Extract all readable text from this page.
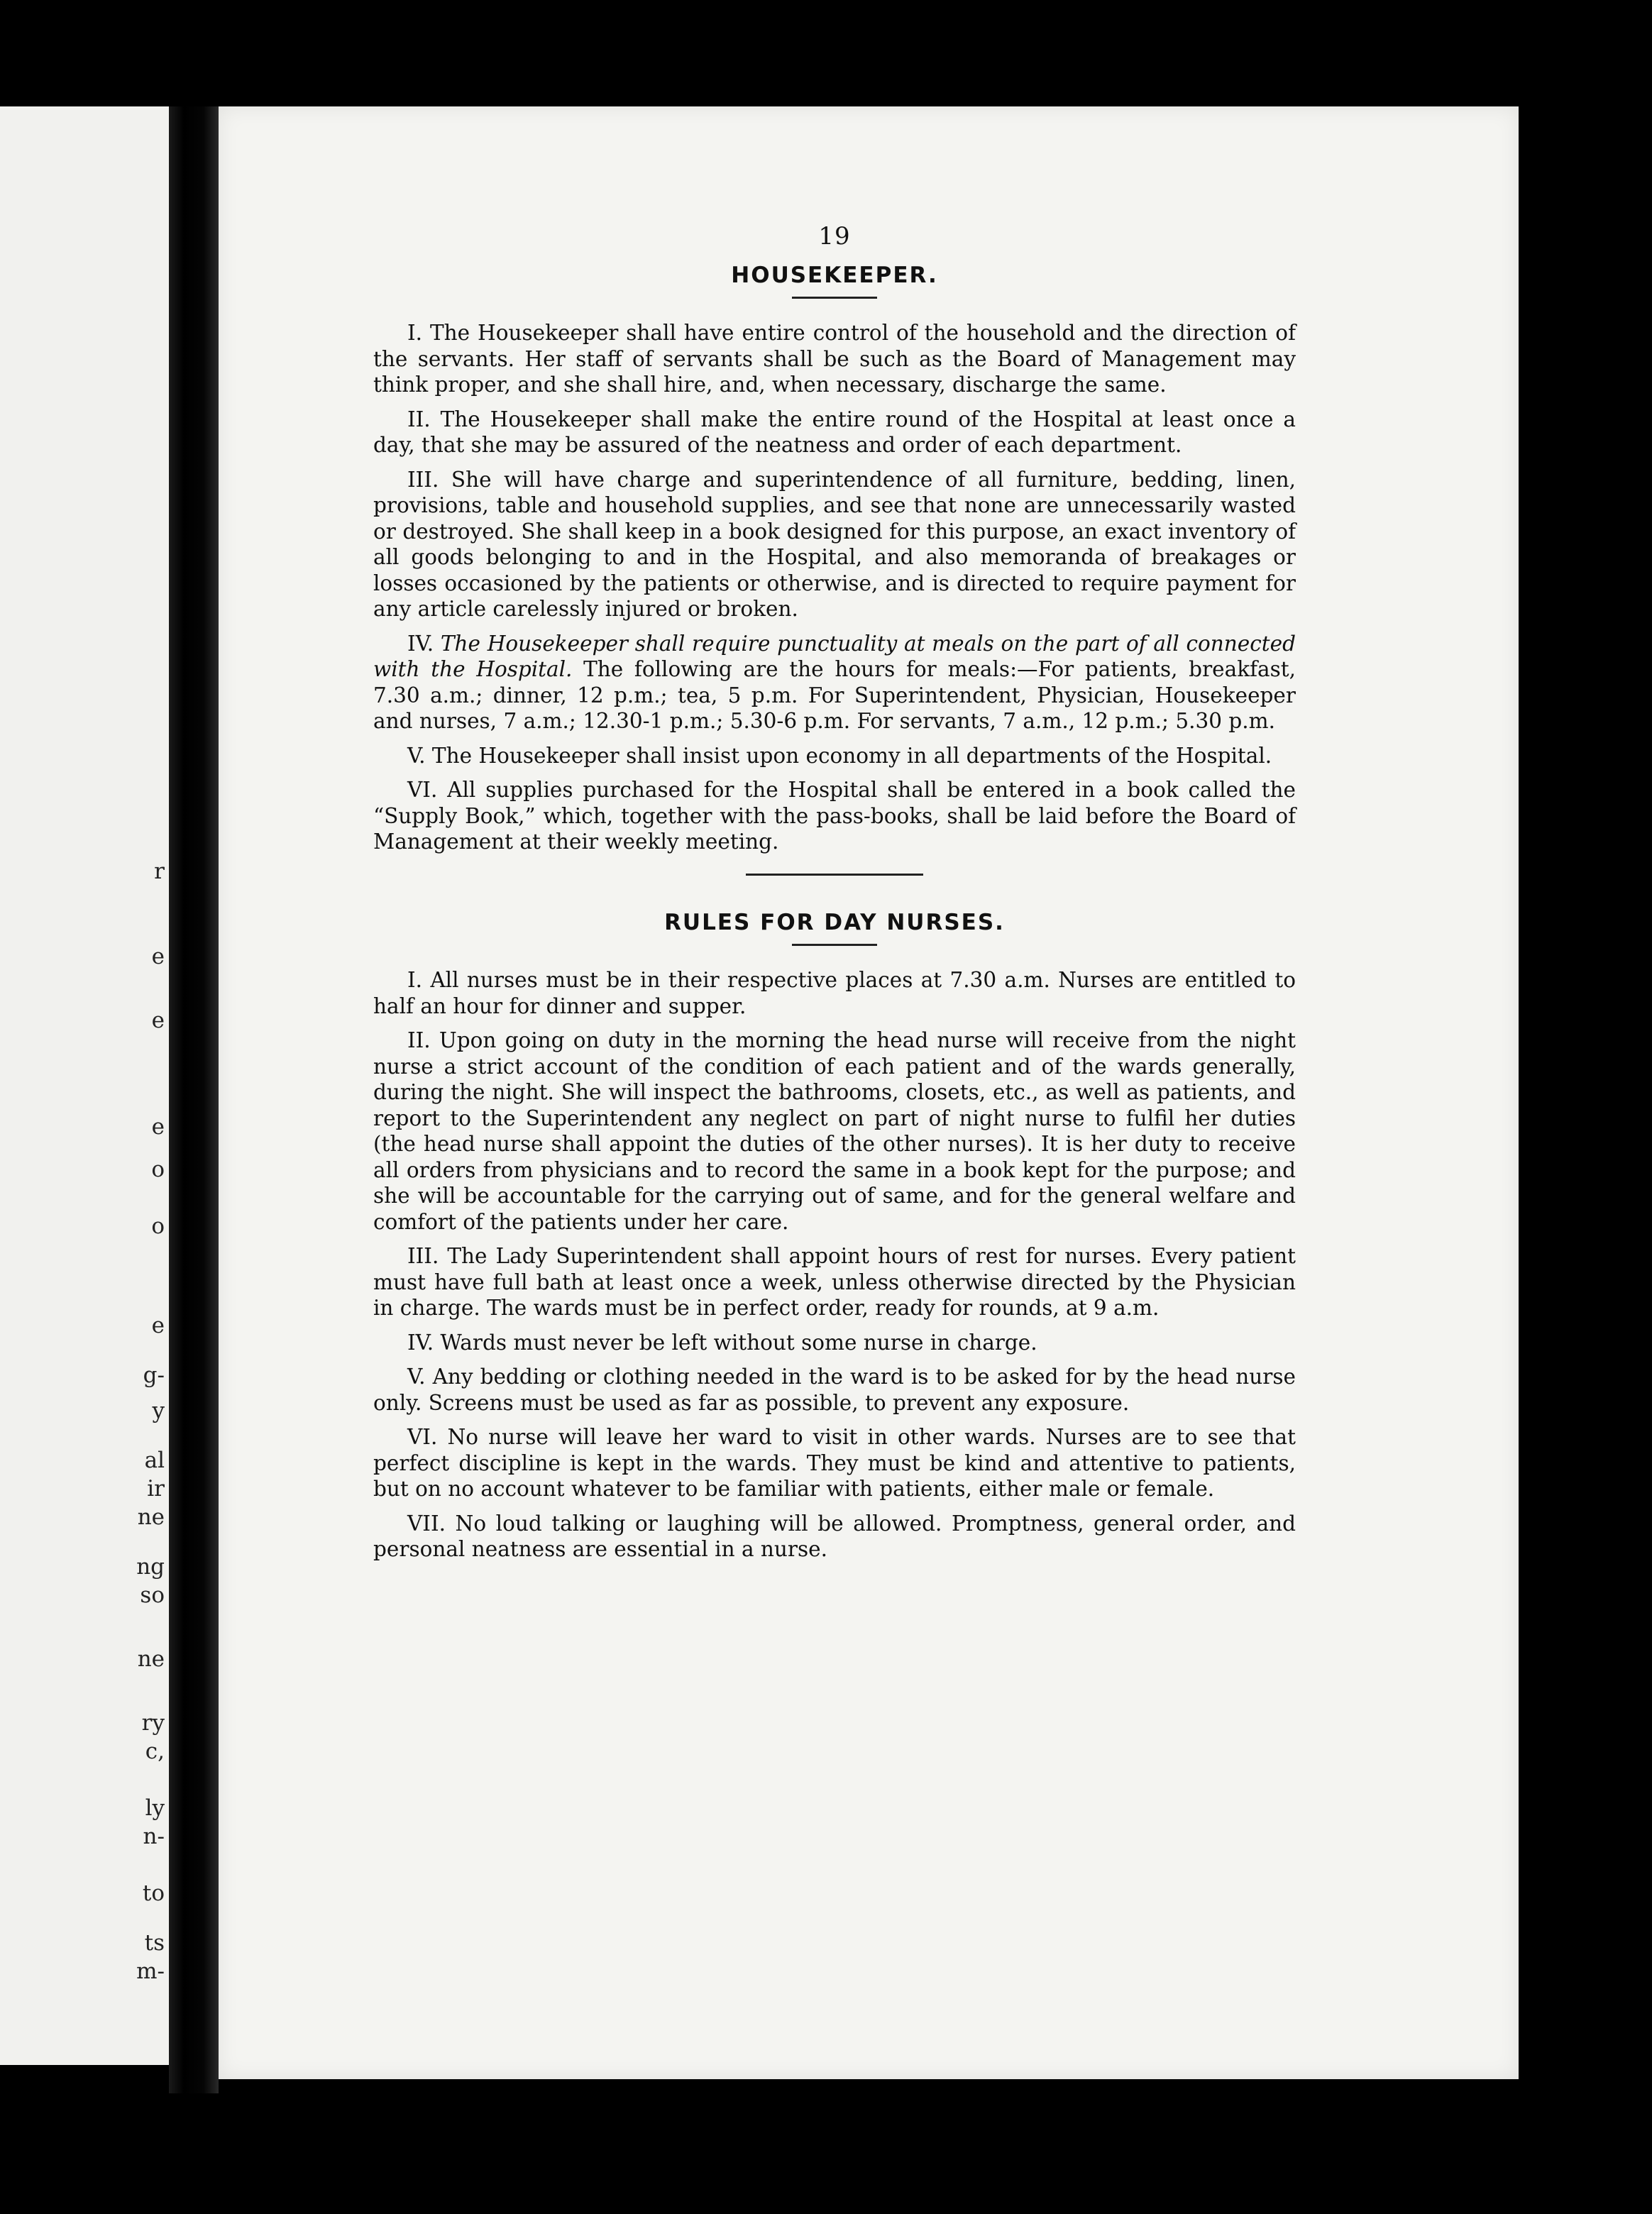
r
e
e
e
o
o
e
g-
y
al
ir
ne
ng
so
ne
ry
c,
ly
n-
to
ts
m-
19
HOUSEKEEPER.

I. The Housekeeper shall have entire control of the household and the direction of the servants. Her staff of servants shall be such as the Board of Management may think proper, and she shall hire, and, when necessary, discharge the same.

II. The Housekeeper shall make the entire round of the Hospital at least once a day, that she may be assured of the neatness and order of each department.

III. She will have charge and superintendence of all furniture, bedding, linen, provisions, table and household supplies, and see that none are unnecessarily wasted or destroyed. She shall keep in a book designed for this purpose, an exact inventory of all goods belonging to and in the Hospital, and also memoranda of breakages or losses occasioned by the patients or otherwise, and is directed to require payment for any article carelessly injured or broken.

IV. The Housekeeper shall require punctuality at meals on the part of all connected with the Hospital. The following are the hours for meals:—For patients, breakfast, 7.30 a.m.; dinner, 12 p.m.; tea, 5 p.m. For Superintendent, Physician, Housekeeper and nurses, 7 a.m.; 12.30-1 p.m.; 5.30-6 p.m. For servants, 7 a.m., 12 p.m.; 5.30 p.m.

V. The Housekeeper shall insist upon economy in all departments of the Hospital.

VI. All supplies purchased for the Hospital shall be entered in a book called the “Supply Book,” which, together with the pass-books, shall be laid before the Board of Management at their weekly meeting.

RULES FOR DAY NURSES.

I. All nurses must be in their respective places at 7.30 a.m. Nurses are entitled to half an hour for dinner and supper.

II. Upon going on duty in the morning the head nurse will receive from the night nurse a strict account of the condition of each patient and of the wards generally, during the night. She will inspect the bathrooms, closets, etc., as well as patients, and report to the Superintendent any neglect on part of night nurse to fulfil her duties (the head nurse shall appoint the duties of the other nurses). It is her duty to receive all orders from physicians and to record the same in a book kept for the purpose; and she will be accountable for the carrying out of same, and for the general welfare and comfort of the patients under her care.

III. The Lady Superintendent shall appoint hours of rest for nurses. Every patient must have full bath at least once a week, unless otherwise directed by the Physician in charge. The wards must be in perfect order, ready for rounds, at 9 a.m.

IV. Wards must never be left without some nurse in charge.

V. Any bedding or clothing needed in the ward is to be asked for by the head nurse only. Screens must be used as far as possible, to prevent any exposure.

VI. No nurse will leave her ward to visit in other wards. Nurses are to see that perfect discipline is kept in the wards. They must be kind and attentive to patients, but on no account whatever to be familiar with patients, either male or female.

VII. No loud talking or laughing will be allowed. Promptness, general order, and personal neatness are essential in a nurse.
